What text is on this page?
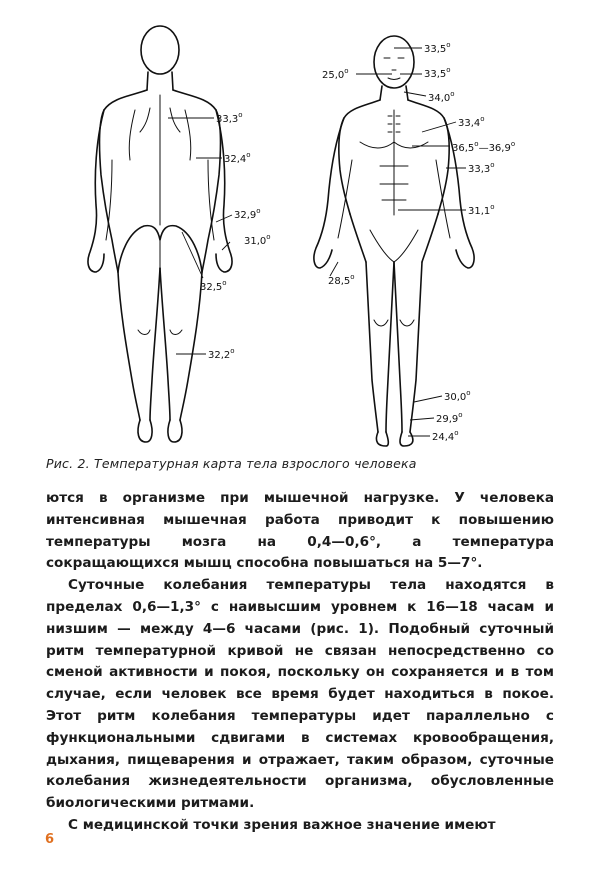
$33,3^о$
$32,4^о$
$32,9^о$
$31,0^о$
$32,5^о$
$32,2^о$
$33,5^о$
$25,0^о$	$33,5^о$
$34,0^о$
$33,4^о$
$36,5^о—36,9^о$
$33,3^о$
$31,1^о$
$28,5^о$
$30,0^о$
$29,9^о$
$24,4^о$
Рис. 2. Температурная карта тела взрослого человека

ются в организме при мышечной нагрузке. У человека интенсивная мышечная работа приводит к повышению температуры мозга на 0,4—0,6°, а температура сокращающихся мышц способна повышаться на 5—7°.

Суточные колебания температуры тела находятся в пределах 0,6—1,3° с наивысшим уровнем к 16—18 часам и низшим — между 4—6 часами (рис. 1). Подобный суточный ритм температурной кривой не связан непосредственно со сменой активности и покоя, поскольку он сохраняется и в том случае, если человек все время будет находиться в покое. Этот ритм колебания температуры идет параллельно с функциональными сдвигами в системах кровообращения, дыхания, пищеварения и отражает, таким образом, суточные колебания жизнедеятельности организма, обусловленные биологическими ритмами.

С медицинской точки зрения важное значение имеют

6
